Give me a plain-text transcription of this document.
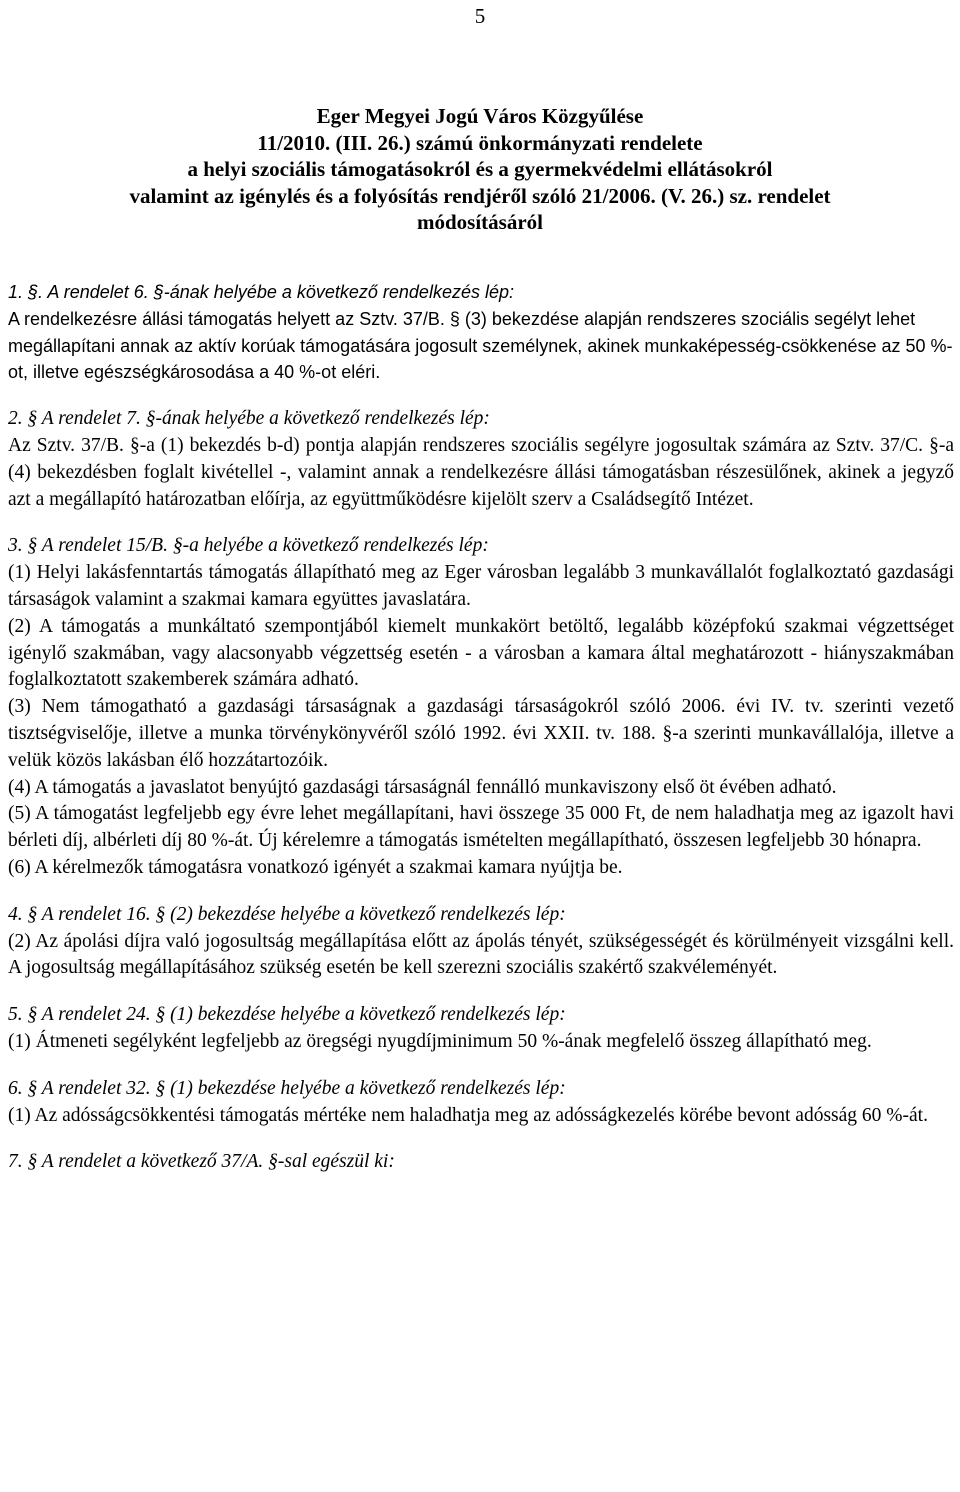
5
Eger Megyei Jogú Város Közgyűlése
11/2010. (III. 26.) számú önkormányzati rendelete
a helyi szociális támogatásokról és a gyermekvédelmi ellátásokról
valamint az igénylés és a folyósítás rendjéről szóló 21/2006. (V. 26.) sz. rendelet
módosításáról

1. §. A rendelet 6. §-ának helyébe a következő rendelkezés lép:

A rendelkezésre állási támogatás helyett az Sztv. 37/B. § (3) bekezdése alapján rendszeres szociális segélyt lehet megállapítani annak az aktív korúak támogatására jogosult személynek, akinek munkaképesség-csökkenése az 50 %-ot, illetve egészségkárosodása a 40 %-ot eléri.

2. § A rendelet 7. §-ának helyébe a következő rendelkezés lép:

Az Sztv. 37/B. §-a (1) bekezdés b-d) pontja alapján rendszeres szociális segélyre jogosultak számára az Sztv. 37/C. §-a (4) bekezdésben foglalt kivétellel -, valamint annak a rendelkezésre állási támogatásban részesülőnek, akinek a jegyző azt a megállapító határozatban előírja, az együttműködésre kijelölt szerv a Családsegítő Intézet.

3. § A rendelet 15/B. §-a helyébe a következő rendelkezés lép:

(1) Helyi lakásfenntartás támogatás állapítható meg az Eger városban legalább 3 munkavállalót foglalkoztató gazdasági társaságok valamint a szakmai kamara együttes javaslatára.

(2) A támogatás a munkáltató szempontjából kiemelt munkakört betöltő, legalább középfokú szakmai végzettséget igénylő szakmában, vagy alacsonyabb végzettség esetén - a városban a kamara által meghatározott - hiányszakmában foglalkoztatott szakemberek számára adható.

(3) Nem támogatható a gazdasági társaságnak a gazdasági társaságokról szóló 2006. évi IV. tv. szerinti vezető tisztségviselője, illetve a munka törvénykönyvéről szóló 1992. évi XXII. tv. 188. §-a szerinti munkavállalója, illetve a velük közös lakásban élő hozzátartozóik.

(4) A támogatás a javaslatot benyújtó gazdasági társaságnál fennálló munkaviszony első öt évében adható.

(5) A támogatást legfeljebb egy évre lehet megállapítani, havi összege 35 000 Ft, de nem haladhatja meg az igazolt havi bérleti díj, albérleti díj 80 %-át. Új kérelemre a támogatás ismételten megállapítható, összesen legfeljebb 30 hónapra.

(6) A kérelmezők támogatásra vonatkozó igényét a szakmai kamara nyújtja be.

4. § A rendelet 16. § (2) bekezdése helyébe a következő rendelkezés lép:

(2) Az ápolási díjra való jogosultság megállapítása előtt az ápolás tényét, szükségességét és körülményeit vizsgálni kell. A jogosultság megállapításához szükség esetén be kell szerezni szociális szakértő szakvéleményét.

5. § A rendelet 24. § (1) bekezdése helyébe a következő rendelkezés lép:

(1) Átmeneti segélyként legfeljebb az öregségi nyugdíjminimum 50 %-ának megfelelő összeg állapítható meg.

6. § A rendelet 32. § (1) bekezdése helyébe a következő rendelkezés lép:

(1) Az adósságcsökkentési támogatás mértéke nem haladhatja meg az adósságkezelés körébe bevont adósság 60 %-át.

7. § A rendelet a következő 37/A. §-sal egészül ki:
